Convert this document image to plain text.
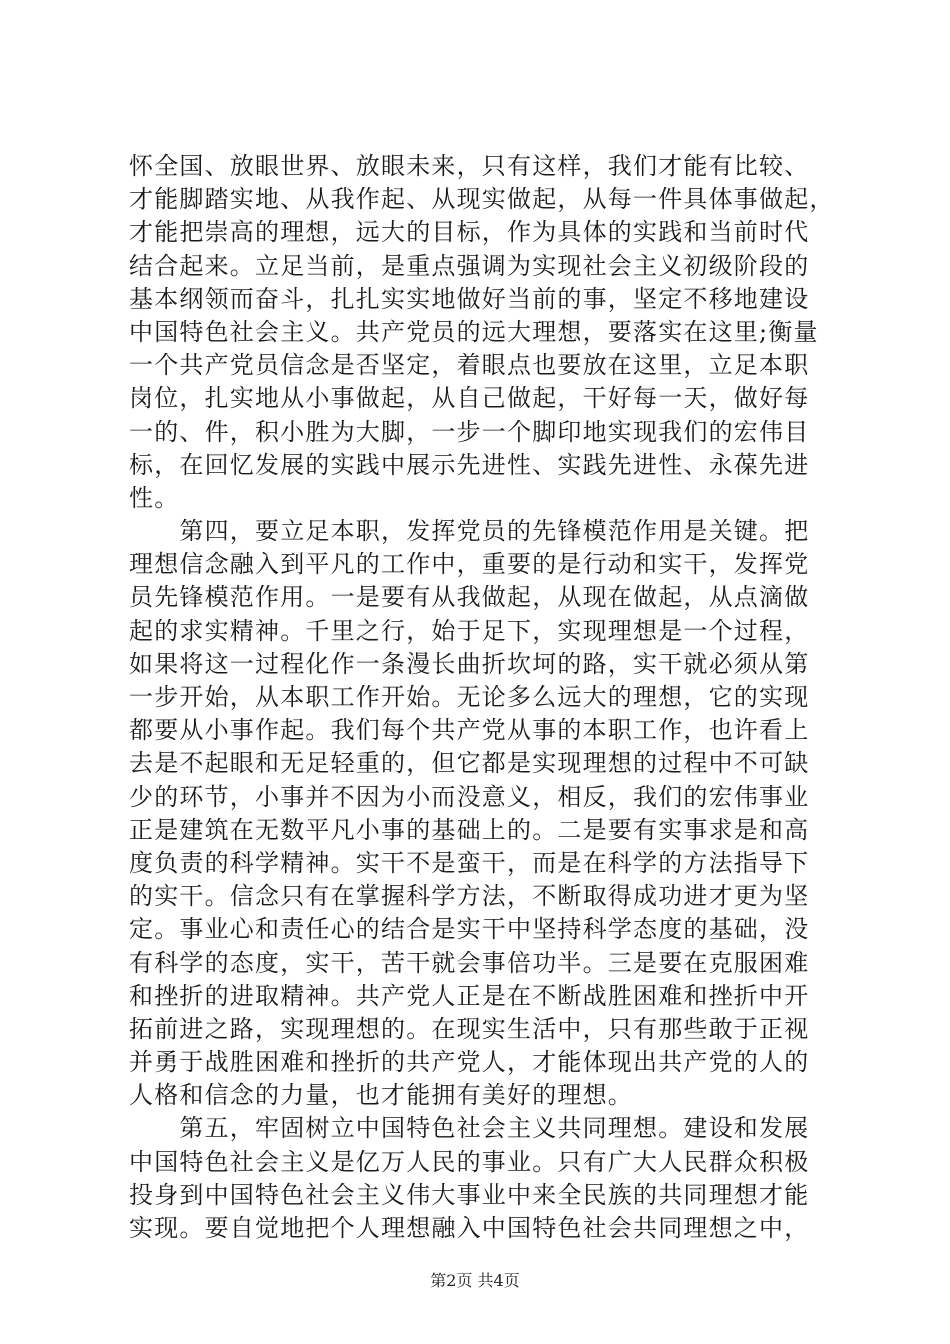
怀全国、放眼世界、放眼未来，只有这样，我们才能有比较、
才能脚踏实地、从我作起、从现实做起，从每一件具体事做起，
才能把崇高的理想，远大的目标，作为具体的实践和当前时代
结合起来。立足当前，是重点强调为实现社会主义初级阶段的
基本纲领而奋斗，扎扎实实地做好当前的事，坚定不移地建设
中国特色社会主义。共产党员的远大理想，要落实在这里;衡量
一个共产党员信念是否坚定，着眼点也要放在这里，立足本职
岗位，扎实地从小事做起，从自己做起，干好每一天，做好每
一的、件，积小胜为大脚，一步一个脚印地实现我们的宏伟目
标，在回忆发展的实践中展示先进性、实践先进性、永葆先进
性。
　　第四，要立足本职，发挥党员的先锋模范作用是关键。把
理想信念融入到平凡的工作中，重要的是行动和实干，发挥党
员先锋模范作用。一是要有从我做起，从现在做起，从点滴做
起的求实精神。千里之行，始于足下，实现理想是一个过程，
如果将这一过程化作一条漫长曲折坎坷的路，实干就必须从第
一步开始，从本职工作开始。无论多么远大的理想，它的实现
都要从小事作起。我们每个共产党从事的本职工作，也许看上
去是不起眼和无足轻重的，但它都是实现理想的过程中不可缺
少的环节，小事并不因为小而没意义，相反，我们的宏伟事业
正是建筑在无数平凡小事的基础上的。二是要有实事求是和高
度负责的科学精神。实干不是蛮干，而是在科学的方法指导下
的实干。信念只有在掌握科学方法，不断取得成功进才更为坚
定。事业心和责任心的结合是实干中坚持科学态度的基础，没
有科学的态度，实干，苦干就会事倍功半。三是要在克服困难
和挫折的进取精神。共产党人正是在不断战胜困难和挫折中开
拓前进之路，实现理想的。在现实生活中，只有那些敢于正视
并勇于战胜困难和挫折的共产党人，才能体现出共产党的人的
人格和信念的力量，也才能拥有美好的理想。
　　第五，牢固树立中国特色社会主义共同理想。建设和发展
中国特色社会主义是亿万人民的事业。只有广大人民群众积极
投身到中国特色社会主义伟大事业中来全民族的共同理想才能
实现。要自觉地把个人理想融入中国特色社会共同理想之中，
第2页 共4页
